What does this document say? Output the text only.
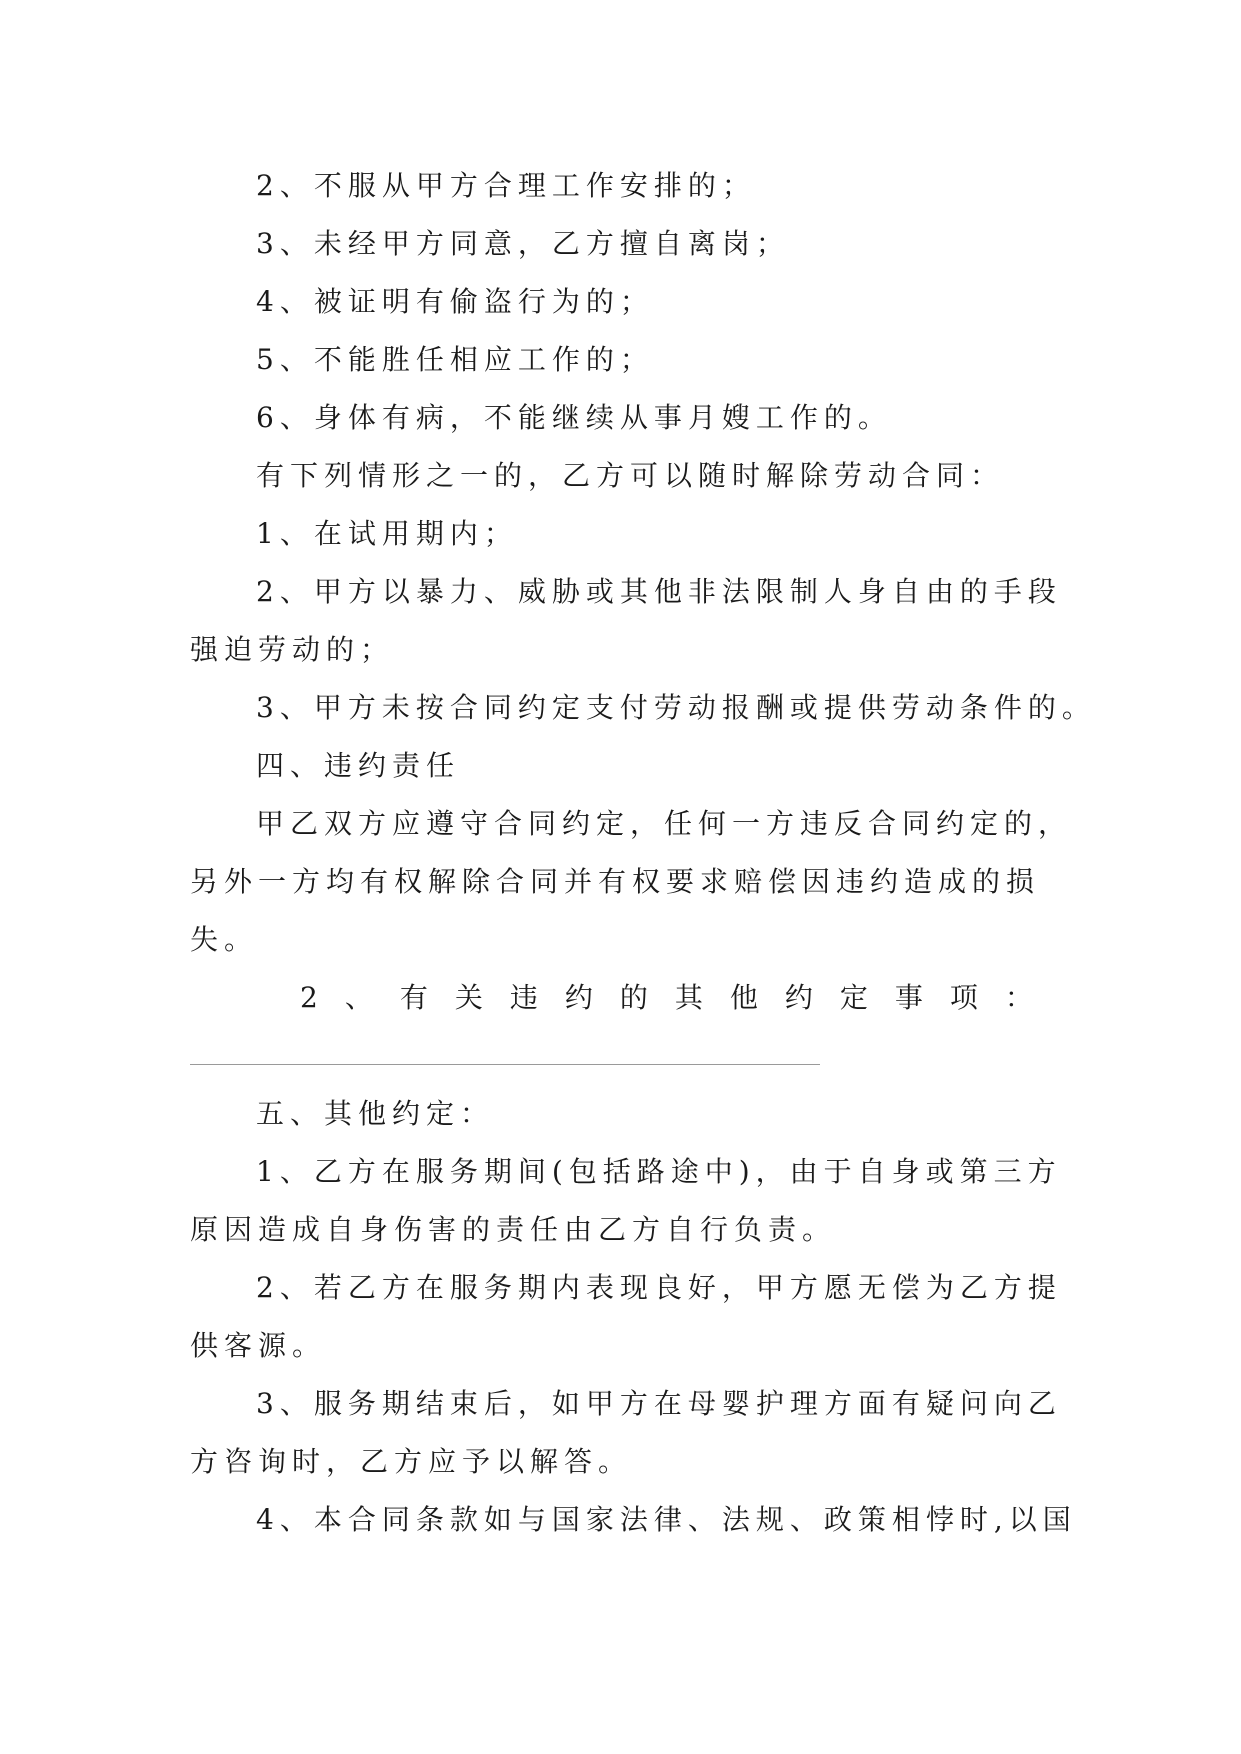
2、不服从甲方合理工作安排的；
3、未经甲方同意，乙方擅自离岗；
4、被证明有偷盗行为的；
5、不能胜任相应工作的；
6、身体有病，不能继续从事月嫂工作的。
有下列情形之一的，乙方可以随时解除劳动合同：
1、在试用期内；
2、甲方以暴力、威胁或其他非法限制人身自由的手段
强迫劳动的；
3、甲方未按合同约定支付劳动报酬或提供劳动条件的。
四、违约责任
甲乙双方应遵守合同约定，任何一方违反合同约定的，
另外一方均有权解除合同并有权要求赔偿因违约造成的损
失。
2、有关违约的其他约定事项：
五、其他约定：
1、乙方在服务期间(包括路途中)，由于自身或第三方
原因造成自身伤害的责任由乙方自行负责。
2、若乙方在服务期内表现良好，甲方愿无偿为乙方提
供客源。
3、服务期结束后，如甲方在母婴护理方面有疑问向乙
方咨询时，乙方应予以解答。
4、本合同条款如与国家法律、法规、政策相悖时,以国
